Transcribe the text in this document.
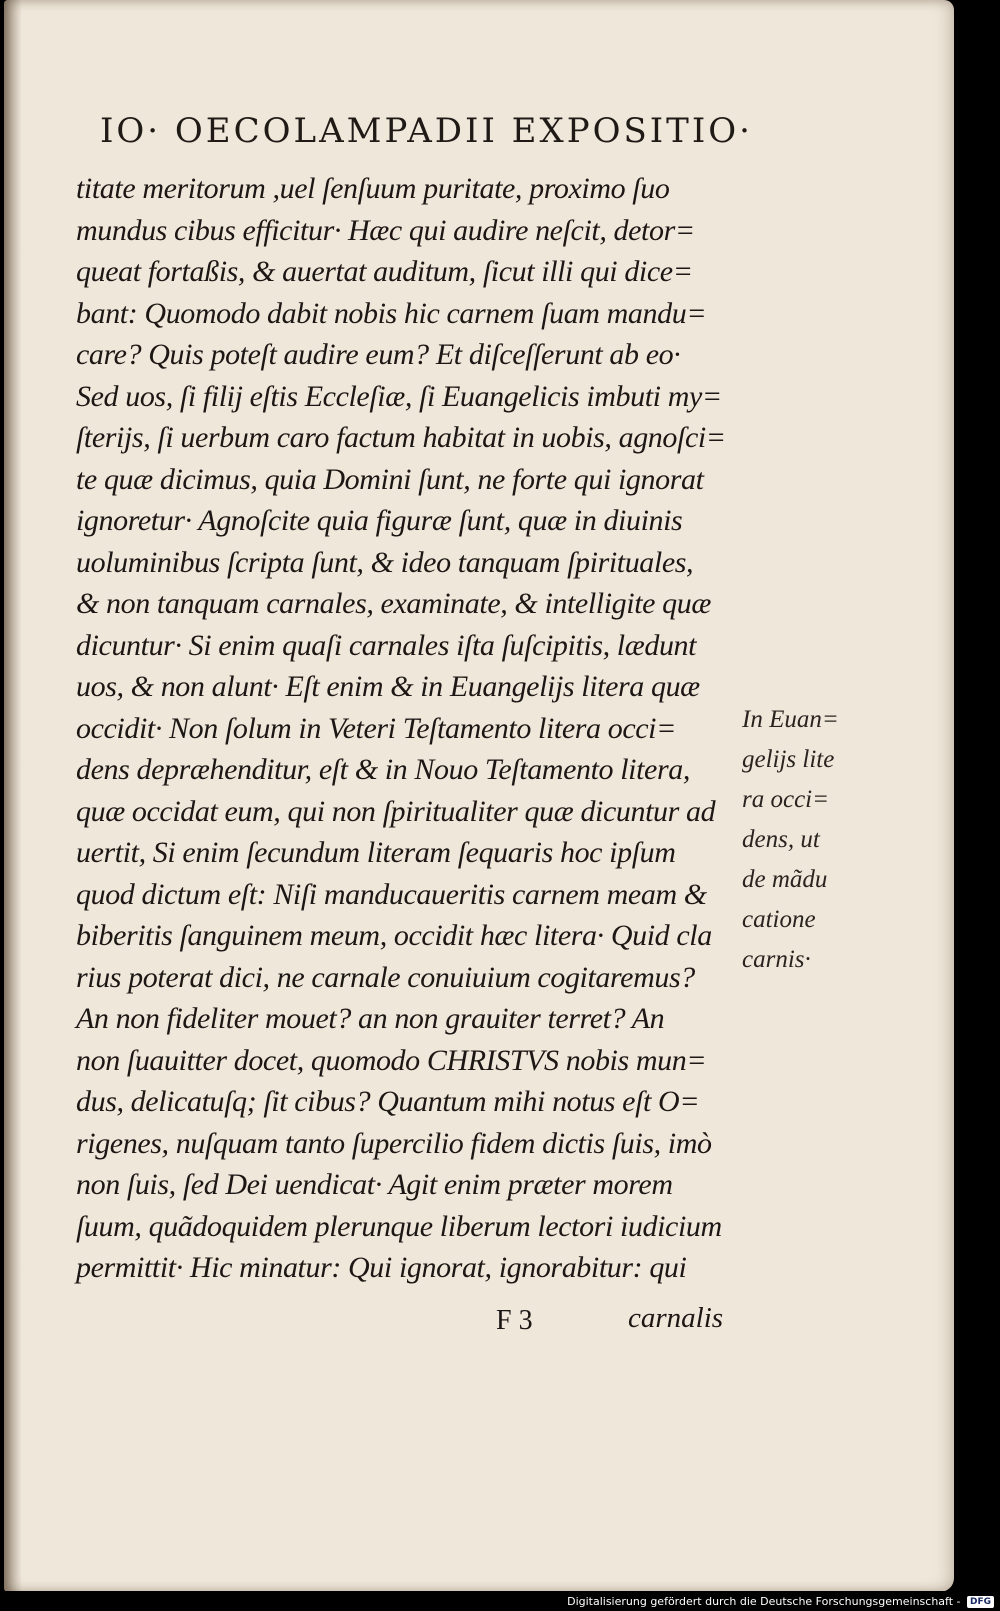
IO· OECOLAMPADII EXPOSITIO·
titate meritorum ,uel ſenſuum puritate, proximo ſuo
mundus cibus efficitur· Hæc qui audire neſcit, detor=
queat fortaßis, & auertat auditum, ſicut illi qui dice=
bant: Quomodo dabit nobis hic carnem ſuam mandu=
care? Quis poteſt audire eum? Et diſceſſerunt ab eo·
Sed uos, ſi filij eſtis Eccleſiæ, ſi Euangelicis imbuti my=
ſterijs, ſi uerbum caro factum habitat in uobis, agnoſci=
te quæ dicimus, quia Domini ſunt, ne forte qui ignorat
ignoretur· Agnoſcite quia figuræ ſunt, quæ in diuinis
uoluminibus ſcripta ſunt, & ideo tanquam ſpirituales,
& non tanquam carnales, examinate, & intelligite quæ
dicuntur· Si enim quaſi carnales iſta ſuſcipitis, lædunt
uos, & non alunt· Eſt enim & in Euangelijs litera quæ
occidit· Non ſolum in Veteri Teſtamento litera occi=
dens depræhenditur, eſt & in Nouo Teſtamento litera,
quæ occidat eum, qui non ſpiritualiter quæ dicuntur ad
uertit, Si enim ſecundum literam ſequaris hoc ipſum
quod dictum eſt: Niſi manducaueritis carnem meam &
biberitis ſanguinem meum, occidit hæc litera· Quid cla
rius poterat dici, ne carnale conuiuium cogitaremus?
An non fideliter mouet? an non grauiter terret? An
non ſuauitter docet, quomodo CHRISTVS nobis mun=
dus, delicatuſq; ſit cibus? Quantum mihi notus eſt O=
rigenes, nuſquam tanto ſupercilio fidem dictis ſuis, imò
non ſuis, ſed Dei uendicat· Agit enim præter morem
ſuum, quãdoquidem plerunque liberum lectori iudicium
permittit· Hic minatur: Qui ignorat, ignorabitur: qui
In Euan=
gelijs lite
ra occi=
dens, ut
de mãdu
catione
carnis·
F 3	carnalis
Digitalisierung gefördert durch die Deutsche Forschungsgemeinschaft - DFG
